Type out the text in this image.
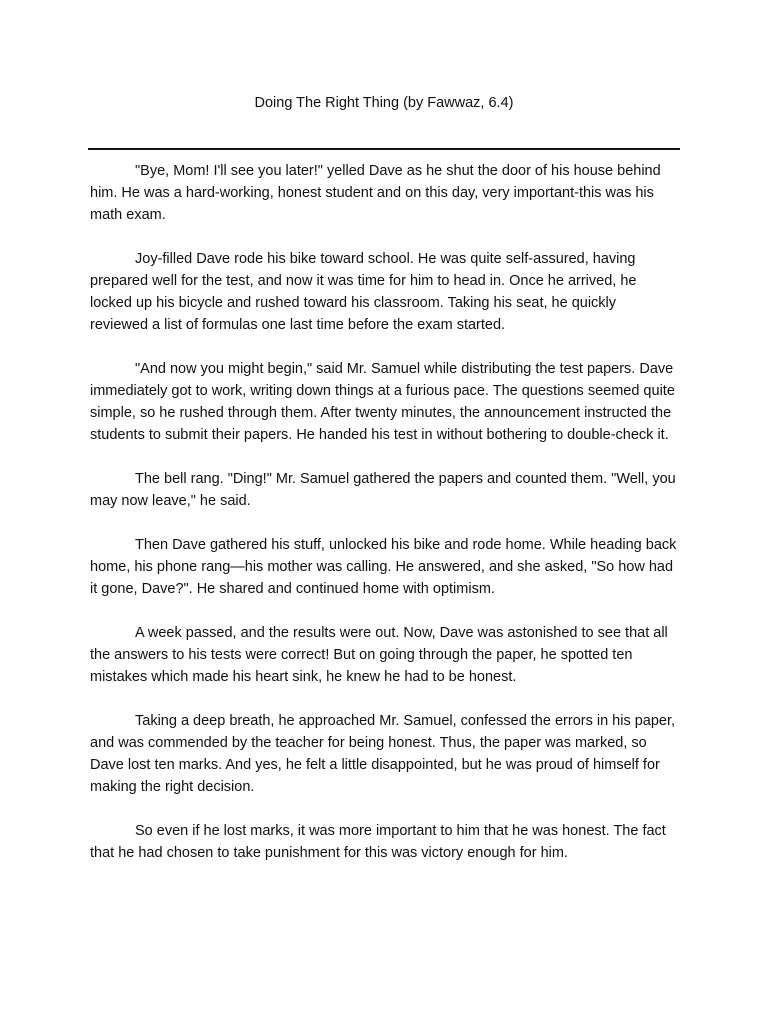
Doing The Right Thing (by Fawwaz, 6.4)

"Bye, Mom! I'll see you later!" yelled Dave as he shut the door of his house behind him. He was a hard-working, honest student and on this day, very important-this was his math exam.

Joy-filled Dave rode his bike toward school. He was quite self-assured, having prepared well for the test, and now it was time for him to head in. Once he arrived, he locked up his bicycle and rushed toward his classroom. Taking his seat, he quickly reviewed a list of formulas one last time before the exam started.

"And now you might begin," said Mr. Samuel while distributing the test papers. Dave immediately got to work, writing down things at a furious pace. The questions seemed quite simple, so he rushed through them. After twenty minutes, the announcement instructed the students to submit their papers. He handed his test in without bothering to double-check it.

The bell rang. "Ding!" Mr. Samuel gathered the papers and counted them. "Well, you may now leave," he said.

Then Dave gathered his stuff, unlocked his bike and rode home. While heading back home, his phone rang—his mother was calling. He answered, and she asked, "So how had it gone, Dave?". He shared and continued home with optimism.

A week passed, and the results were out. Now, Dave was astonished to see that all the answers to his tests were correct! But on going through the paper, he spotted ten mistakes which made his heart sink, he knew he had to be honest.

Taking a deep breath, he approached Mr. Samuel, confessed the errors in his paper, and was commended by the teacher for being honest. Thus, the paper was marked, so Dave lost ten marks. And yes, he felt a little disappointed, but he was proud of himself for making the right decision.

So even if he lost marks, it was more important to him that he was honest. The fact that he had chosen to take punishment for this was victory enough for him.
